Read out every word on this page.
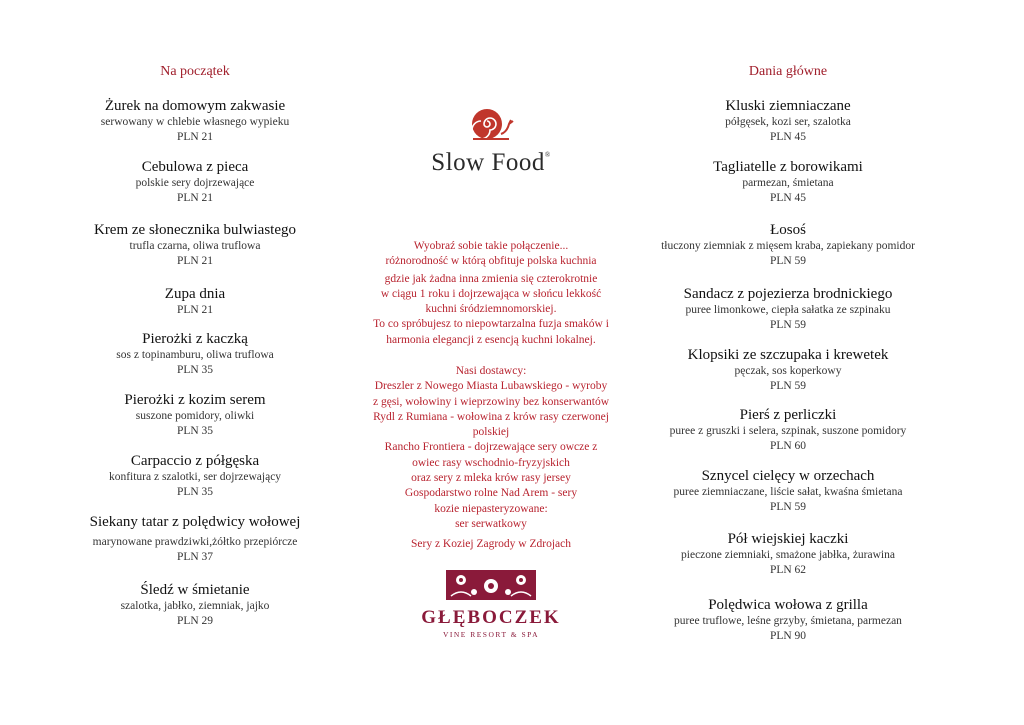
Na początek
Żurek na domowym zakwasie
serwowany w chlebie własnego wypieku
PLN 21
Cebulowa z pieca
polskie sery dojrzewające
PLN 21
Krem ze słonecznika bulwiastego
trufla czarna, oliwa truflowa
PLN 21
Zupa dnia
PLN 21
Pierożki z kaczką
sos z topinamburu, oliwa truflowa
PLN 35
Pierożki z kozim serem
suszone pomidory, oliwki
PLN 35
Carpaccio z półgęska
konfitura z szalotki, ser dojrzewający
PLN 35
Siekany tatar z polędwicy wołowej
marynowane prawdziwki,żółtko przepiórcze
PLN 37
Śledź w śmietanie
szalotka, jabłko, ziemniak, jajko
PLN 29
Slow Food®
Wyobraź sobie takie połączenie...
różnorodność w którą obfituje polska kuchnia
gdzie jak żadna inna zmienia się czterokrotnie
w ciągu 1 roku i dojrzewająca w słońcu lekkość
kuchni śródziemnomorskiej.
To co spróbujesz to niepowtarzalna fuzja smaków i
harmonia elegancji z esencją kuchni lokalnej.
Nasi dostawcy:
Dreszler z Nowego Miasta Lubawskiego - wyroby
z gęsi, wołowiny i wieprzowiny bez konserwantów
Rydl z Rumiana - wołowina z krów rasy czerwonej
polskiej
Rancho Frontiera - dojrzewające sery owcze z
owiec rasy wschodnio-fryzyjskich
oraz sery z mleka krów rasy jersey
Gospodarstwo rolne Nad Arem - sery
kozie niepasteryzowane:
ser serwatkowy
Sery z Koziej Zagrody w Zdrojach
GŁĘBOCZEK
VINE RESORT & SPA
Dania główne
Kluski ziemniaczane
półgęsek, kozi ser, szalotka
PLN 45
Tagliatelle z borowikami
parmezan, śmietana
PLN 45
Łosoś
tłuczony ziemniak z mięsem kraba, zapiekany pomidor
PLN 59
Sandacz z pojezierza brodnickiego
puree limonkowe, ciepła sałatka ze szpinaku
PLN 59
Klopsiki ze szczupaka i krewetek
pęczak, sos koperkowy
PLN 59
Pierś z perliczki
puree z gruszki i selera, szpinak, suszone pomidory
PLN 60
Sznycel cielęcy w orzechach
puree ziemniaczane, liście sałat, kwaśna śmietana
PLN 59
Pół wiejskiej kaczki
pieczone ziemniaki, smażone jabłka, żurawina
PLN 62
Polędwica wołowa z grilla
puree truflowe, leśne grzyby, śmietana, parmezan
PLN 90
